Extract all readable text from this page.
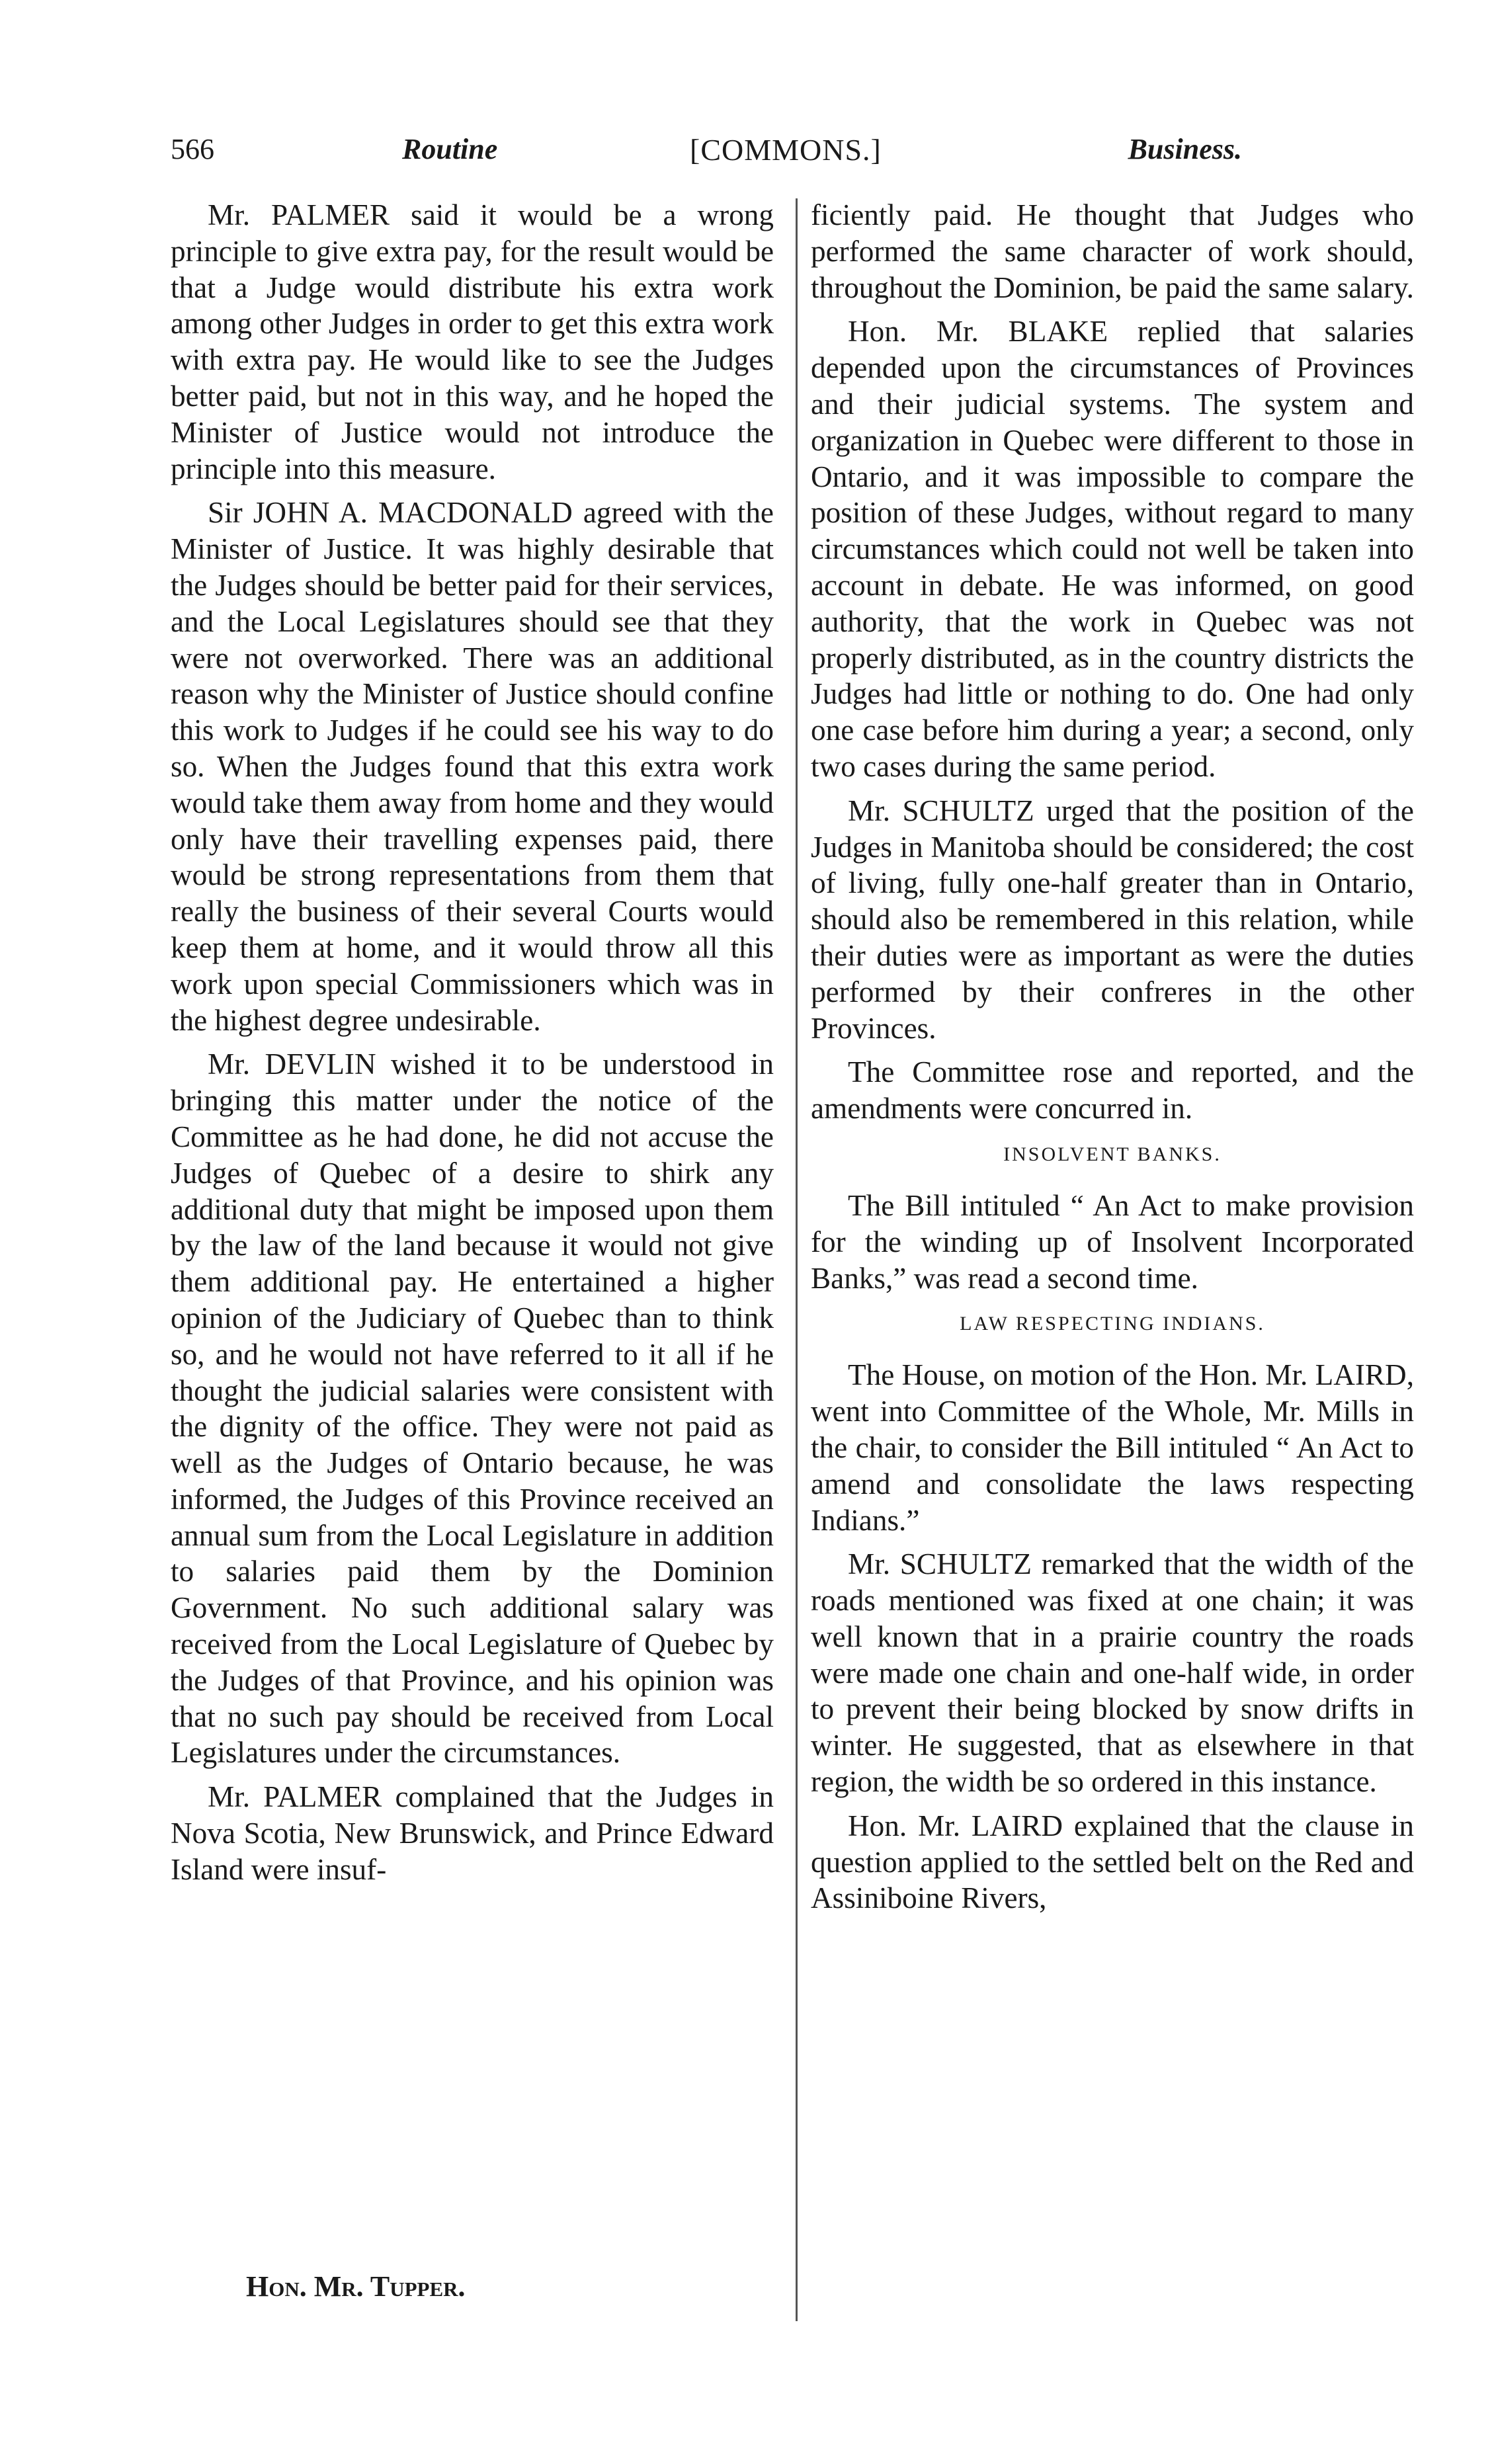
566	Routine	[COMMONS.]	Business.

Mr. PALMER said it would be a wrong principle to give extra pay, for the result would be that a Judge would distribute his extra work among other Judges in order to get this extra work with extra pay. He would like to see the Judges better paid, but not in this way, and he hoped the Minister of Justice would not introduce the principle into this measure.

Sir JOHN A. MACDONALD agreed with the Minister of Justice. It was highly desirable that the Judges should be better paid for their services, and the Local Legislatures should see that they were not overworked. There was an additional reason why the Minister of Justice should confine this work to Judges if he could see his way to do so. When the Judges found that this extra work would take them away from home and they would only have their travelling expenses paid, there would be strong representations from them that really the business of their several Courts would keep them at home, and it would throw all this work upon special Commissioners which was in the highest degree undesirable.

Mr. DEVLIN wished it to be understood in bringing this matter under the notice of the Committee as he had done, he did not accuse the Judges of Quebec of a desire to shirk any additional duty that might be imposed upon them by the law of the land because it would not give them additional pay. He entertained a higher opinion of the Judiciary of Quebec than to think so, and he would not have referred to it all if he thought the judicial salaries were consistent with the dignity of the office. They were not paid as well as the Judges of Ontario because, he was informed, the Judges of this Province received an annual sum from the Local Legislature in addition to salaries paid them by the Dominion Government. No such additional salary was received from the Local Legislature of Quebec by the Judges of that Province, and his opinion was that no such pay should be received from Local Legislatures under the circumstances.

Mr. PALMER complained that the Judges in Nova Scotia, New Brunswick, and Prince Edward Island were insuf-

ficiently paid. He thought that Judges who performed the same character of work should, throughout the Dominion, be paid the same salary.

Hon. Mr. BLAKE replied that salaries depended upon the circumstances of Provinces and their judicial systems. The system and organization in Quebec were different to those in Ontario, and it was impossible to compare the position of these Judges, without regard to many circumstances which could not well be taken into account in debate. He was informed, on good authority, that the work in Quebec was not properly distributed, as in the country districts the Judges had little or nothing to do. One had only one case before him during a year; a second, only two cases during the same period.

Mr. SCHULTZ urged that the position of the Judges in Manitoba should be considered; the cost of living, fully one-half greater than in Ontario, should also be remembered in this relation, while their duties were as important as were the duties performed by their confreres in the other Provinces.

The Committee rose and reported, and the amendments were concurred in.

INSOLVENT BANKS.

The Bill intituled “ An Act to make provision for the winding up of Insolvent Incorporated Banks,” was read a second time.

LAW RESPECTING INDIANS.

The House, on motion of the Hon. Mr. LAIRD, went into Committee of the Whole, Mr. Mills in the chair, to consider the Bill intituled “ An Act to amend and consolidate the laws respecting Indians.”

Mr. SCHULTZ remarked that the width of the roads mentioned was fixed at one chain; it was well known that in a prairie country the roads were made one chain and one-half wide, in order to prevent their being blocked by snow drifts in winter. He suggested, that as elsewhere in that region, the width be so ordered in this instance.

Hon. Mr. LAIRD explained that the clause in question applied to the settled belt on the Red and Assiniboine Rivers,

Hon. Mr. Tupper.
